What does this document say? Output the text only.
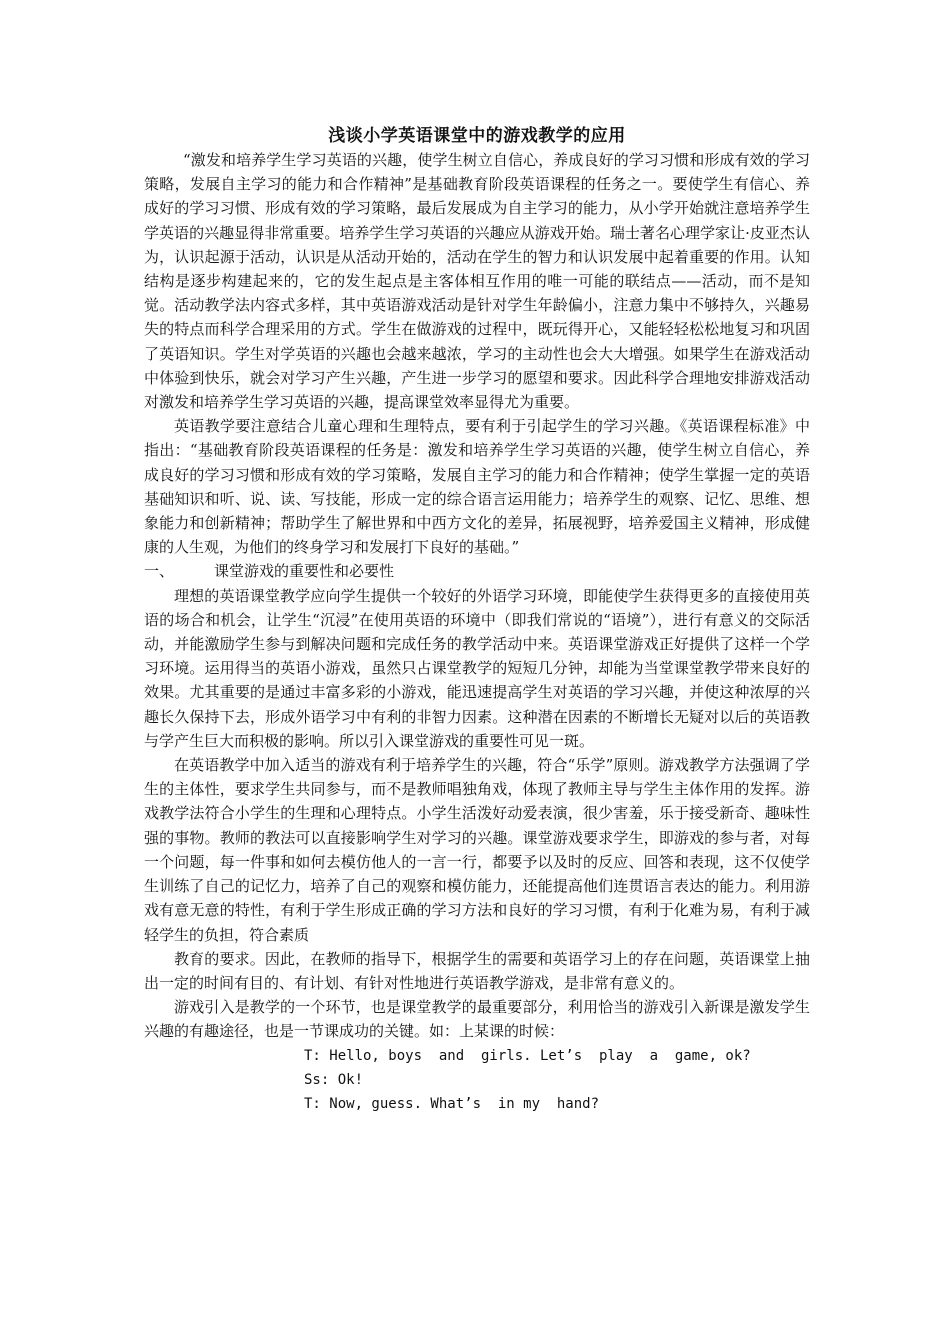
浅谈小学英语课堂中的游戏教学的应用

“激发和培养学生学习英语的兴趣，使学生树立自信心，养成良好的学习习惯和形成有效的学习策略，发展自主学习的能力和合作精神”是基础教育阶段英语课程的任务之一。要使学生有信心、养成好的学习习惯、形成有效的学习策略，最后发展成为自主学习的能力，从小学开始就注意培养学生学英语的兴趣显得非常重要。培养学生学习英语的兴趣应从游戏开始。瑞士著名心理学家让·皮亚杰认为，认识起源于活动，认识是从活动开始的，活动在学生的智力和认识发展中起着重要的作用。认知结构是逐步构建起来的，它的发生起点是主客体相互作用的唯一可能的联结点——活动，而不是知觉。活动教学法内容式多样，其中英语游戏活动是针对学生年龄偏小，注意力集中不够持久，兴趣易失的特点而科学合理采用的方式。学生在做游戏的过程中，既玩得开心，又能轻轻松松地复习和巩固了英语知识。学生对学英语的兴趣也会越来越浓，学习的主动性也会大大增强。如果学生在游戏活动中体验到快乐，就会对学习产生兴趣，产生进一步学习的愿望和要求。因此科学合理地安排游戏活动对激发和培养学生学习英语的兴趣，提高课堂效率显得尤为重要。

英语教学要注意结合儿童心理和生理特点，要有利于引起学生的学习兴趣。《英语课程标准》中指出：“基础教育阶段英语课程的任务是：激发和培养学生学习英语的兴趣，使学生树立自信心，养成良好的学习习惯和形成有效的学习策略，发展自主学习的能力和合作精神；使学生掌握一定的英语基础知识和听、说、读、写技能，形成一定的综合语言运用能力；培养学生的观察、记忆、思维、想象能力和创新精神；帮助学生了解世界和中西方文化的差异，拓展视野，培养爱国主义精神，形成健康的人生观，为他们的终身学习和发展打下良好的基础。”

一、	课堂游戏的重要性和必要性

理想的英语课堂教学应向学生提供一个较好的外语学习环境，即能使学生获得更多的直接使用英语的场合和机会，让学生“沉浸”在使用英语的环境中（即我们常说的“语境”），进行有意义的交际活动，并能激励学生参与到解决问题和完成任务的教学活动中来。英语课堂游戏正好提供了这样一个学习环境。运用得当的英语小游戏，虽然只占课堂教学的短短几分钟，却能为当堂课堂教学带来良好的效果。尤其重要的是通过丰富多彩的小游戏，能迅速提高学生对英语的学习兴趣，并使这种浓厚的兴趣长久保持下去，形成外语学习中有利的非智力因素。这种潜在因素的不断增长无疑对以后的英语教与学产生巨大而积极的影响。所以引入课堂游戏的重要性可见一斑。

在英语教学中加入适当的游戏有利于培养学生的兴趣，符合“乐学”原则。游戏教学方法强调了学生的主体性，要求学生共同参与，而不是教师唱独角戏，体现了教师主导与学生主体作用的发挥。游戏教学法符合小学生的生理和心理特点。小学生活泼好动爱表演，很少害羞，乐于接受新奇、趣味性强的事物。教师的教法可以直接影响学生对学习的兴趣。课堂游戏要求学生，即游戏的参与者，对每一个问题，每一件事和如何去模仿他人的一言一行，都要予以及时的反应、回答和表现，这不仅使学生训练了自己的记忆力，培养了自己的观察和模仿能力，还能提高他们连贯语言表达的能力。利用游戏有意无意的特性，有利于学生形成正确的学习方法和良好的学习习惯，有利于化难为易，有利于减轻学生的负担，符合素质

教育的要求。因此，在教师的指导下，根据学生的需要和英语学习上的存在问题，英语课堂上抽出一定的时间有目的、有计划、有针对性地进行英语教学游戏，是非常有意义的。

游戏引入是教学的一个环节，也是课堂教学的最重要部分，利用恰当的游戏引入新课是激发学生兴趣的有趣途径，也是一节课成功的关键。如：上某课的时候：

T: Hello, boys  and  girls. Let’s  play  a  game, ok?
Ss: Ok!
T: Now, guess. What’s  in my  hand?
